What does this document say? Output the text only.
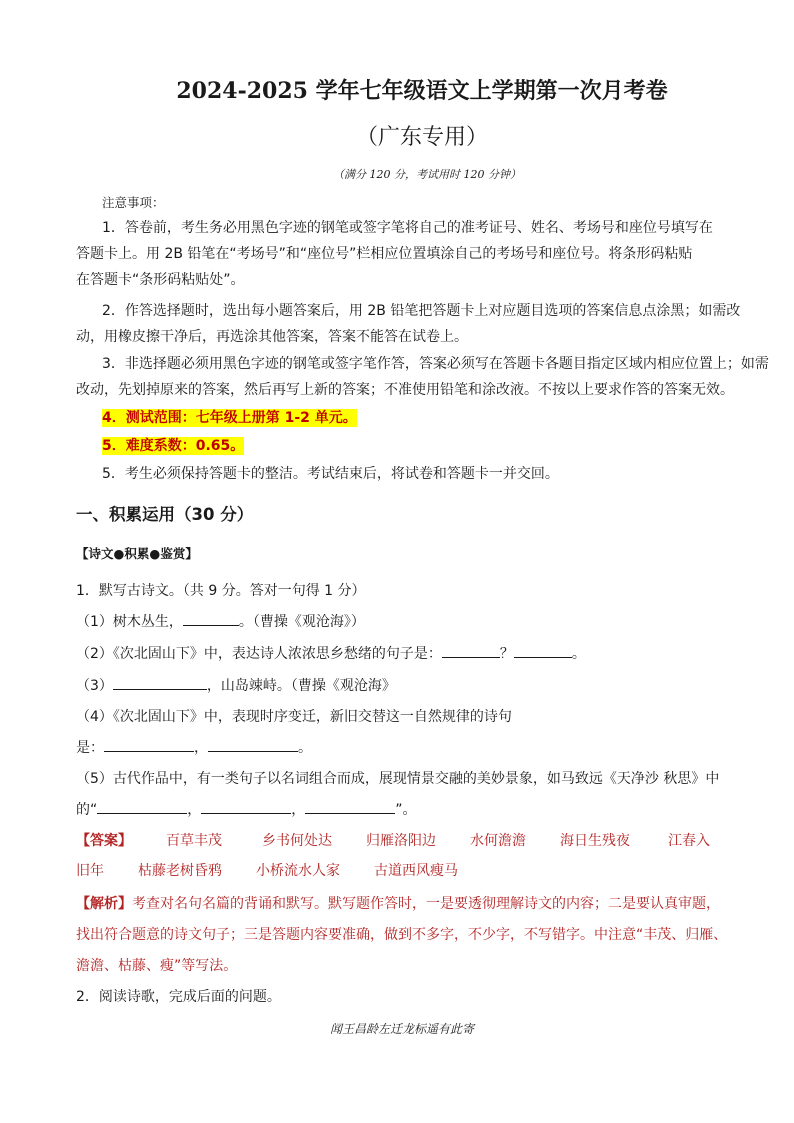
2024-2025 学年七年级语文上学期第一次月考卷
（广东专用）
（满分 120 分，考试用时 120 分钟）
注意事项：
1．答卷前，考生务必用黑色字迹的钢笔或签字笔将自己的准考证号、姓名、考场号和座位号填写在
答题卡上。用 2B 铅笔在“考场号”和“座位号”栏相应位置填涂自己的考场号和座位号。将条形码粘贴
在答题卡“条形码粘贴处”。
2．作答选择题时，选出每小题答案后，用 2B 铅笔把答题卡上对应题目选项的答案信息点涂黑；如需改
动，用橡皮擦干净后，再选涂其他答案，答案不能答在试卷上。
3．非选择题必须用黑色字迹的钢笔或签字笔作答，答案必须写在答题卡各题目指定区域内相应位置上；如需
改动，先划掉原来的答案，然后再写上新的答案；不准使用铅笔和涂改液。不按以上要求作答的答案无效。
4．测试范围：七年级上册第 1-2 单元。
5．难度系数：0.65。
5．考生必须保持答题卡的整洁。考试结束后，将试卷和答题卡一并交回。
一、积累运用（30 分）
【诗文●积累●鉴赏】
1．默写古诗文。（共 9 分。答对一句得 1 分）
（1）树木丛生，	。（曹操《观沧海》）
（2）《次北固山下》中，表达诗人浓浓思乡愁绪的句子是：	？	。
（3）	，山岛竦峙。（曹操《观沧海》
（4）《次北固山下》中，表现时序变迁，新旧交替这一自然规律的诗句
是：	，	。
（5）古代作品中，有一类句子以名词组合而成，展现情景交融的美妙景象，如马致远《天净沙 秋思》中
的“	，	，	”。
【答案】 百草丰茂	乡书何处达 归雁洛阳边 水何澹澹 海日生残夜	江春入
旧年 枯藤老树昏鸦 小桥流水人家 古道西风瘦马
【解析】考查对名句名篇的背诵和默写。默写题作答时，一是要透彻理解诗文的内容；二是要认真审题，
找出符合题意的诗文句子；三是答题内容要准确，做到不多字，不少字，不写错字。中注意“丰茂、归雁、
澹澹、枯藤、瘦”等写法。
2．阅读诗歌，完成后面的问题。
闻王昌龄左迁龙标遥有此寄
